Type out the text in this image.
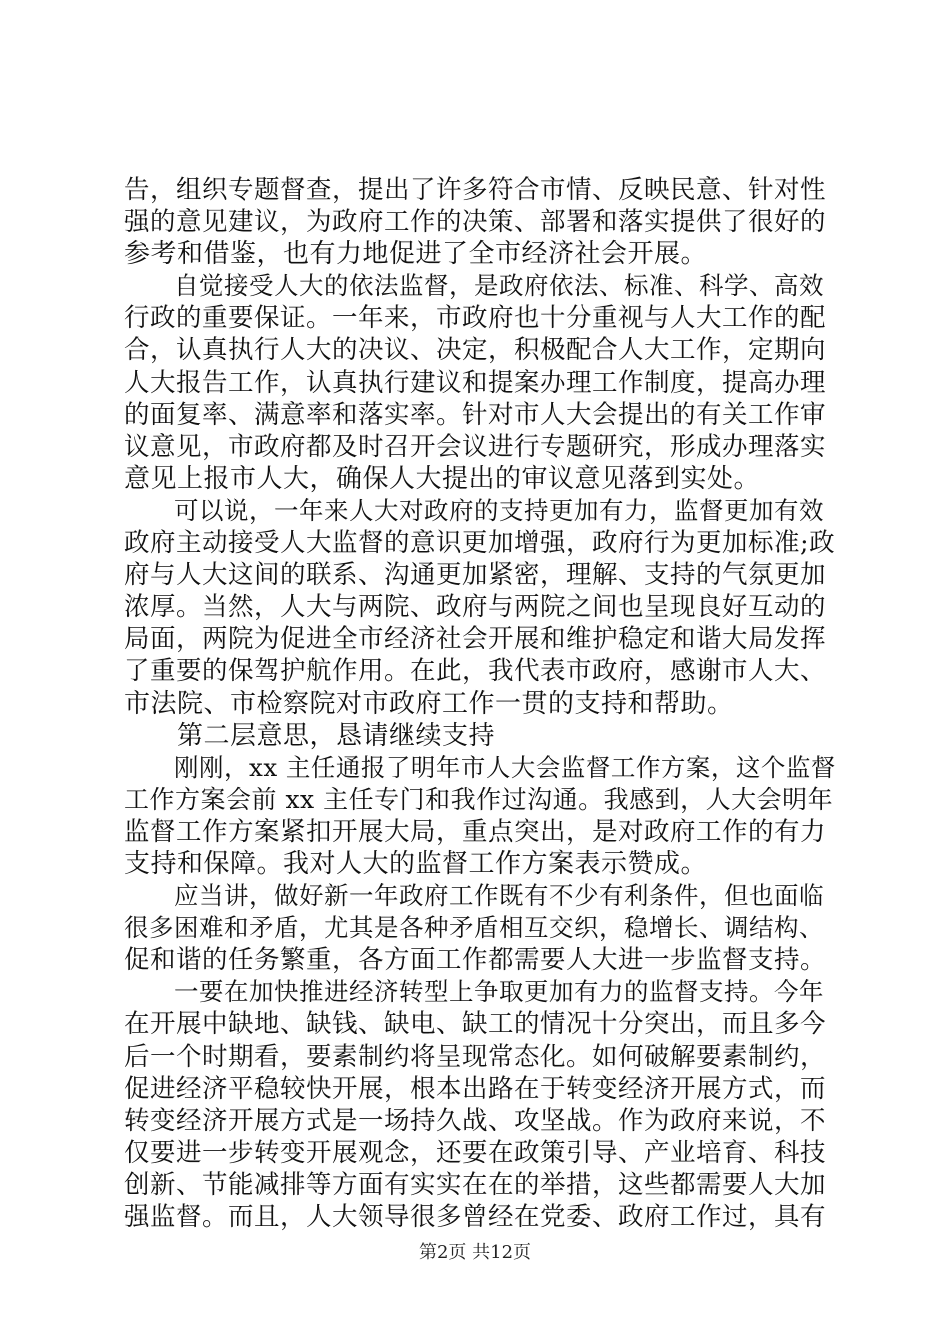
告，组织专题督查，提出了许多符合市情、反映民意、针对性
强的意见建议，为政府工作的决策、部署和落实提供了很好的
参考和借鉴，也有力地促进了全市经济社会开展。
　　自觉接受人大的依法监督，是政府依法、标准、科学、高效
行政的重要保证。一年来，市政府也十分重视与人大工作的配
合，认真执行人大的决议、决定，积极配合人大工作，定期向
人大报告工作，认真执行建议和提案办理工作制度，提高办理
的面复率、满意率和落实率。针对市人大会提出的有关工作审
议意见，市政府都及时召开会议进行专题研究，形成办理落实
意见上报市人大，确保人大提出的审议意见落到实处。
　　可以说，一年来人大对政府的支持更加有力，监督更加有效
政府主动接受人大监督的意识更加增强，政府行为更加标准;政
府与人大这间的联系、沟通更加紧密，理解、支持的气氛更加
浓厚。当然，人大与两院、政府与两院之间也呈现良好互动的
局面，两院为促进全市经济社会开展和维护稳定和谐大局发挥
了重要的保驾护航作用。在此，我代表市政府，感谢市人大、
市法院、市检察院对市政府工作一贯的支持和帮助。
　　第二层意思，恳请继续支持
　　刚刚，xx 主任通报了明年市人大会监督工作方案，这个监督
工作方案会前 xx 主任专门和我作过沟通。我感到，人大会明年
监督工作方案紧扣开展大局，重点突出，是对政府工作的有力
支持和保障。我对人大的监督工作方案表示赞成。
　　应当讲，做好新一年政府工作既有不少有利条件，但也面临
很多困难和矛盾，尤其是各种矛盾相互交织，稳增长、调结构、
促和谐的任务繁重，各方面工作都需要人大进一步监督支持。
　　一要在加快推进经济转型上争取更加有力的监督支持。今年
在开展中缺地、缺钱、缺电、缺工的情况十分突出，而且多今
后一个时期看，要素制约将呈现常态化。如何破解要素制约，
促进经济平稳较快开展，根本出路在于转变经济开展方式，而
转变经济开展方式是一场持久战、攻坚战。作为政府来说，不
仅要进一步转变开展观念，还要在政策引导、产业培育、科技
创新、节能减排等方面有实实在在的举措，这些都需要人大加
强监督。而且，人大领导很多曾经在党委、政府工作过，具有
第2页 共12页
